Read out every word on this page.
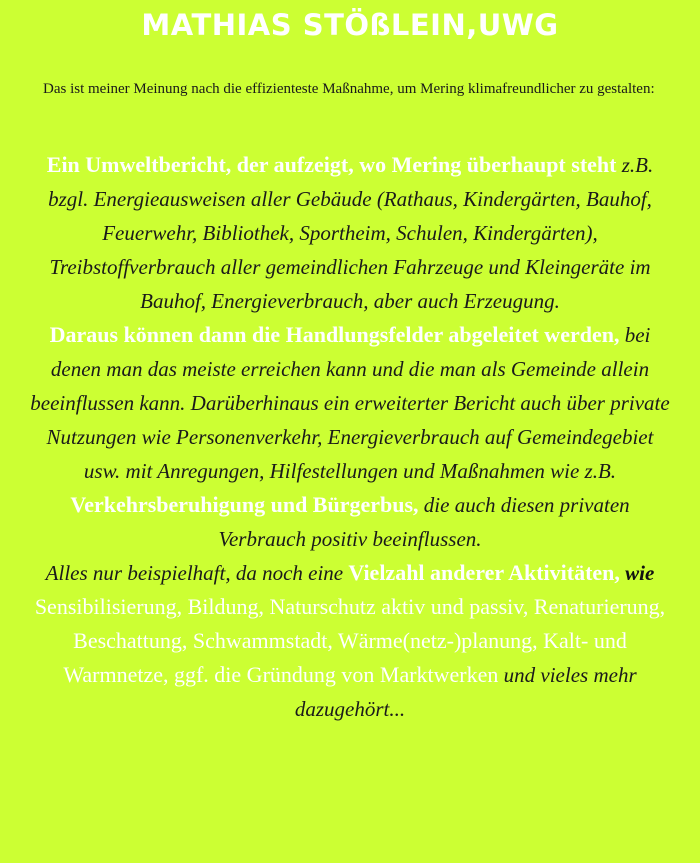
MATHIAS STÖßLEIN,UWG

Das ist meiner Meinung nach die effizienteste Maßnahme, um Mering klimafreundlicher zu gestalten:

Ein Umweltbericht, der aufzeigt, wo Mering überhaupt steht z.B. bzgl. Energieausweisen aller Gebäude (Rathaus, Kindergärten, Bauhof, Feuerwehr, Bibliothek, Sportheim, Schulen, Kindergärten), Treibstoffverbrauch aller gemeindlichen Fahrzeuge und Kleingeräte im Bauhof, Energieverbrauch, aber auch Erzeugung.
Daraus können dann die Handlungsfelder abgeleitet werden, bei denen man das meiste erreichen kann und die man als Gemeinde allein beeinflussen kann. Darüberhinaus ein erweiterter Bericht auch über private Nutzungen wie Personenverkehr, Energieverbrauch auf Gemeindegebiet usw. mit Anregungen, Hilfestellungen und Maßnahmen wie z.B. Verkehrsberuhigung und Bürgerbus, die auch diesen privaten Verbrauch positiv beeinflussen.
Alles nur beispielhaft, da noch eine Vielzahl anderer Aktivitäten, wie Sensibilisierung, Bildung, Naturschutz aktiv und passiv, Renaturierung, Beschattung, Schwammstadt, Wärme(netz-)planung, Kalt- und Warmnetze, ggf. die Gründung von Marktwerken und vieles mehr dazugehört...
